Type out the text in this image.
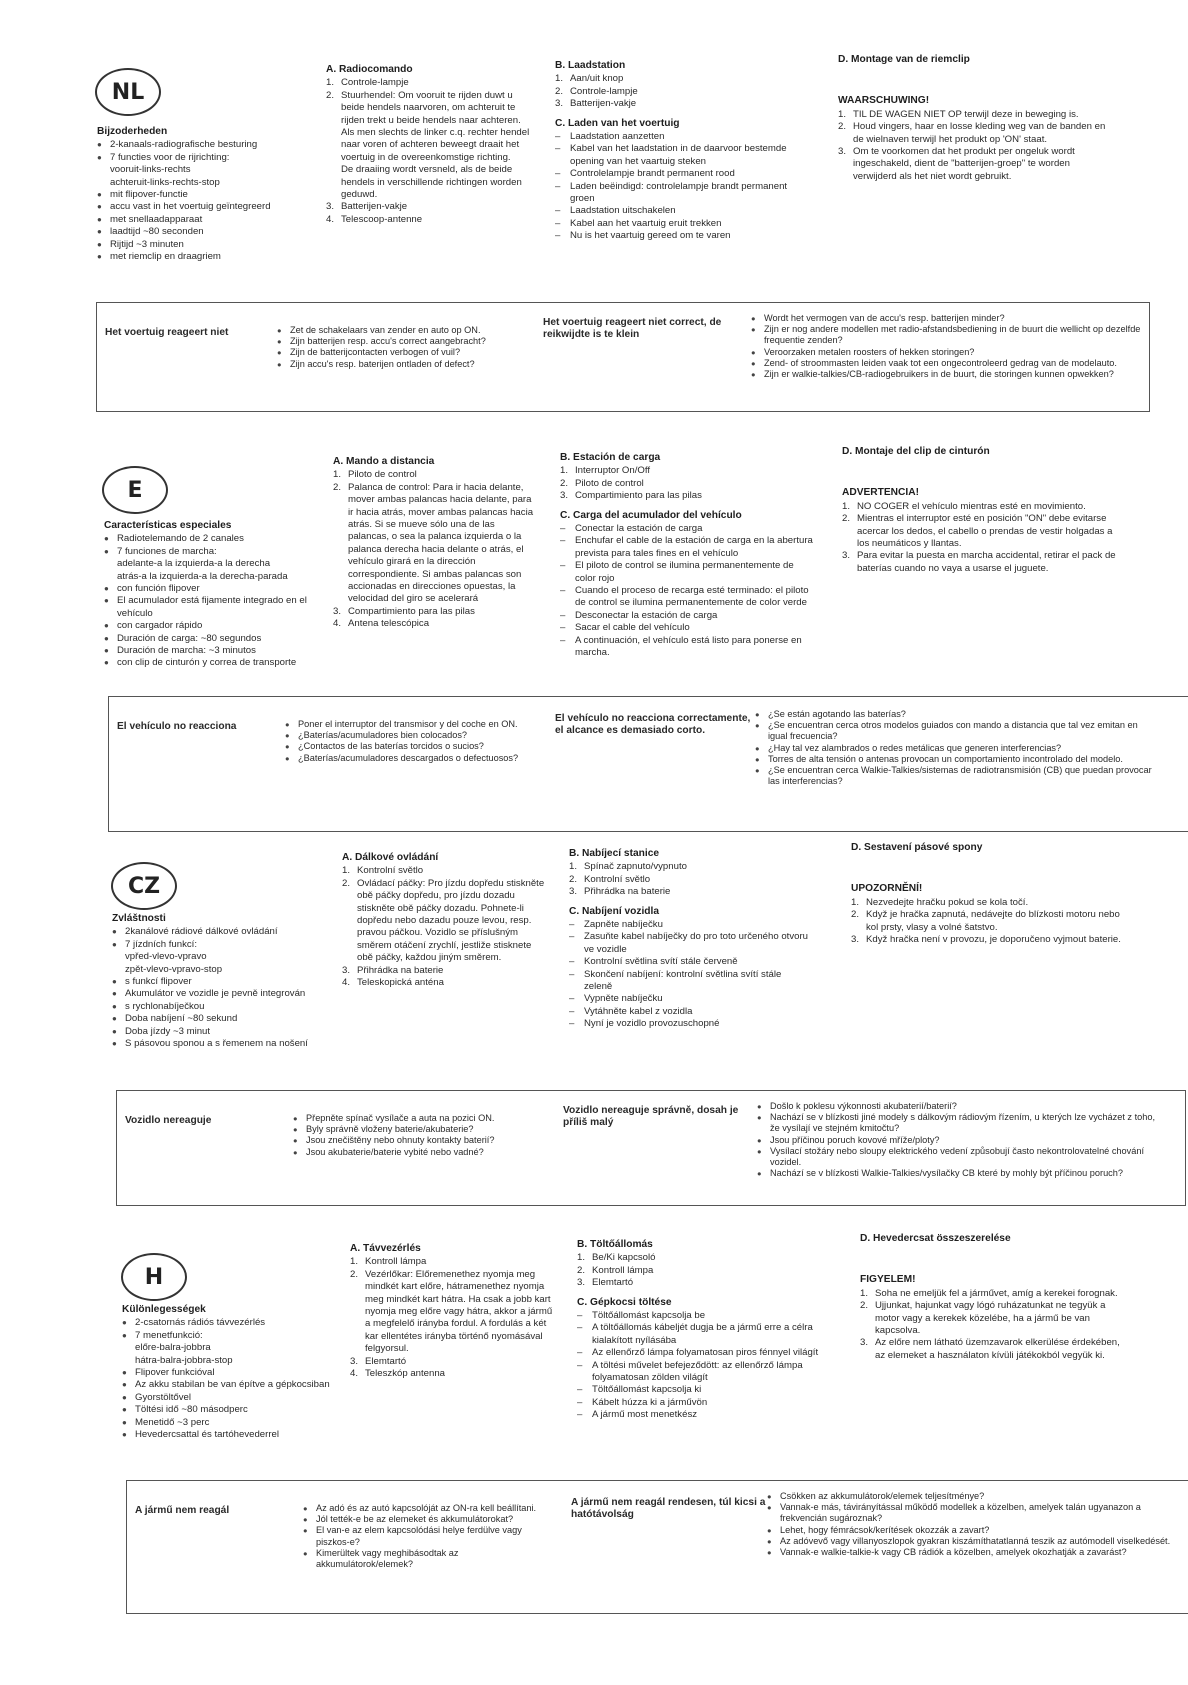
NL
Bijzoderheden
● 2-kanaals-radiografische besturing
● 7 functies voor de rijrichting:
vooruit-links-rechts
achteruit-links-rechts-stop
● mit flipover-functie
● accu vast in het voertuig geïntegreerd
● met snellaadapparaat
● laadtijd ~80 seconden
● Rijtijd ~3 minuten
● met riemclip en draagriem
A. Radiocomando
1. Controle-lampje
2. Stuurhendel: Om vooruit te rijden duwt u beide hendels naarvoren, om achteruit te rijden trekt u beide hendels naar achteren. Als men slechts de linker c.q. rechter hendel naar voren of achteren beweegt draait het voertuig in de overeenkomstige richting.
De draaiing wordt versneld, als de beide hendels in verschillende richtingen worden geduwd.
3. Batterijen-vakje
4. Telescoop-antenne
B. Laadstation
1. Aan/uit knop
2. Controle-lampje
3. Batterijen-vakje
C. Laden van het voertuig
– Laadstation aanzetten
– Kabel van het laadstation in de daarvoor bestemde opening van het vaartuig steken
– Controlelampje brandt permanent rood
– Laden beëindigd: controlelampje brandt permanent groen
– Laadstation uitschakelen
– Kabel aan het vaartuig eruit trekken
– Nu is het vaartuig gereed om te varen
D. Montage van de riemclip
WAARSCHUWING!
1. TIL DE WAGEN NIET OP terwijl deze in beweging is.
2. Houd vingers, haar en losse kleding weg van de banden en de wielnaven terwijl het produkt op 'ON' staat.
3. Om te voorkomen dat het produkt per ongeluk wordt ingeschakeld, dient de "batterijen-groep" te worden verwijderd als het niet wordt gebruikt.
Het voertuig reageert niet	● Zet de schakelaars van zender en auto op ON.
● Zijn batterijen resp. accu's correct aangebracht?
● Zijn de batterijcontacten verbogen of vuil?
● Zijn accu's resp. baterijen ontladen of defect?
Het voertuig reageert niet correct, de reikwijdte is te klein
● Wordt het vermogen van de accu's resp. batterijen minder?
● Zijn er nog andere modellen met radio-afstandsbediening in de buurt die wellicht op dezelfde frequentie zenden?
● Veroorzaken metalen roosters of hekken storingen?
● Zend- of stroommasten leiden vaak tot een ongecontroleerd gedrag van de modelauto.
● Zijn er walkie-talkies/CB-radiogebruikers in de buurt, die storingen kunnen opwekken?
E
Características especiales
● Radiotelemando de 2 canales
● 7 funciones de marcha:
adelante-a la izquierda-a la derecha
atrás-a la izquierda-a la derecha-parada
● con función flipover
● El acumulador está fijamente integrado en el vehículo
● con cargador rápido
● Duración de carga: ~80 segundos
● Duración de marcha: ~3 minutos
● con clip de cinturón y correa de transporte
A. Mando a distancia
1. Piloto de control
2. Palanca de control: Para ir hacia delante, mover ambas palancas hacia delante, para ir hacia atrás, mover ambas palancas hacia atrás. Si se mueve sólo una de las palancas, o sea la palanca izquierda o la palanca derecha hacia delante o atrás, el vehículo girará en la dirección correspondiente. Si ambas palancas son accionadas en direcciones opuestas, la velocidad del giro se acelerará
3. Compartimiento para las pilas
4. Antena telescópica
B. Estación de carga
1. Interruptor On/Off
2. Piloto de control
3. Compartimiento para las pilas
C. Carga del acumulador del vehículo
– Conectar la estación de carga
– Enchufar el cable de la estación de carga en la abertura prevista para tales fines en el vehículo
– El piloto de control se ilumina permanentemente de color rojo
– Cuando el proceso de recarga esté terminado: el piloto de control se ilumina permanentemente de color verde
– Desconectar la estación de carga
– Sacar el cable del vehículo
– A continuación, el vehículo está listo para ponerse en marcha.
D. Montaje del clip de cinturón
ADVERTENCIA!
1. NO COGER el vehículo mientras esté en movimiento.
2. Mientras el interruptor esté en posición "ON" debe evitarse acercar los dedos, el cabello o prendas de vestir holgadas a los neumáticos y llantas.
3. Para evitar la puesta en marcha accidental, retirar el pack de baterías cuando no vaya a usarse el juguete.
El vehículo no reacciona	● Poner el interruptor del transmisor y del coche en ON.
● ¿Baterías/acumuladores bien colocados?
● ¿Contactos de las baterías torcidos o sucios?
● ¿Baterías/acumuladores descargados o defectuosos?
El vehículo no reacciona correctamente, el alcance es demasiado corto.
● ¿Se están agotando las baterías?
● ¿Se encuentran cerca otros modelos guiados con mando a distancia que tal vez emitan en igual frecuencia?
● ¿Hay tal vez alambrados o redes metálicas que generen interferencias?
● Torres de alta tensión o antenas provocan un comportamiento incontrolado del modelo.
● ¿Se encuentran cerca Walkie-Talkies/sistemas de radiotransmisión (CB) que puedan provocar las interferencias?
CZ
Zvláštnosti
● 2kanálové rádiové dálkové ovládání
● 7 jízdních funkcí:
vpřed-vlevo-vpravo
zpět-vlevo-vpravo-stop
● s funkcí flipover
● Akumulátor ve vozidle je pevně integrován
● s rychlonabíječkou
● Doba nabíjení ~80 sekund
● Doba jízdy ~3 minut
● S pásovou sponou a s řemenem na nošení
A. Dálkové ovládání
1. Kontrolní světlo
2. Ovládací páčky: Pro jízdu dopředu stiskněte obě páčky dopředu, pro jízdu dozadu stiskněte obě páčky dozadu. Pohnete-li dopředu nebo dazadu pouze levou, resp. pravou páčkou. Vozidlo se příslušným směrem otáčení zrychlí, jestliže stisknete obě páčky, každou jiným směrem.
3. Přihrádka na baterie
4. Teleskopická anténa
B. Nabíjecí stanice
1. Spínač zapnuto/vypnuto
2. Kontrolní světlo
3. Přihrádka na baterie
C. Nabíjení vozidla
– Zapněte nabíječku
– Zasuňte kabel nabíječky do pro toto určeného otvoru ve vozidle
– Kontrolní světlina svítí stále červeně
– Skončení nabíjení: kontrolní světlina svítí stále zeleně
– Vypněte nabíječku
– Vytáhněte kabel z vozidla
– Nyní je vozidlo provozuschopné
D. Sestavení pásové spony
UPOZORNĚNÍ!
1. Nezvedejte hračku pokud se kola točí.
2. Když je hračka zapnutá, nedávejte do blízkosti motoru nebo kol prsty, vlasy a volné šatstvo.
3. Když hračka není v provozu, je doporučeno vyjmout baterie.
Vozidlo nereaguje	● Přepněte spínač vysílače a auta na pozici ON.
● Byly správně vloženy baterie/akubaterie?
● Jsou znečištěny nebo ohnuty kontakty baterií?
● Jsou akubaterie/baterie vybité nebo vadné?
Vozidlo nereaguje správně, dosah je příliš malý
● Došlo k poklesu výkonnosti akubaterií/baterií?
● Nachází se v blízkosti jiné modely s dálkovým rádiovým řízením, u kterých lze vycházet z toho, že vysílají ve stejném kmitočtu?
● Jsou příčinou poruch kovové mříže/ploty?
● Vysílací stožáry nebo sloupy elektrického vedení způsobují často nekontrolovatelné chování vozidel.
● Nachází se v blízkosti Walkie-Talkies/vysílačky CB které by mohly být příčinou poruch?
H
Különlegességek
● 2-csatornás rádiós távvezérlés
● 7 menetfunkció:
előre-balra-jobbra
hátra-balra-jobbra-stop
● Flipover funkcióval
● Az akku stabilan be van építve a gépkocsiban
● Gyorstöltővel
● Töltési idő ~80 másodperc
● Menetidő ~3 perc
● Hevedercsattal és tartóhevederrel
A. Távvezérlés
1. Kontroll lámpa
2. Vezérlőkar: Előremenethez nyomja meg mindkét kart előre, hátramenethez nyomja meg mindkét kart hátra. Ha csak a jobb kart nyomja meg előre vagy hátra, akkor a jármű a megfelelő irányba fordul. A fordulás a két kar ellentétes irányba történő nyomásával felgyorsul.
3. Elemtartó
4. Teleszkóp antenna
B. Töltőállomás
1. Be/Ki kapcsoló
2. Kontroll lámpa
3. Elemtartó
C. Gépkocsi töltése
– Töltőállomást kapcsolja be
– A töltőállomás kábeljét dugja be a jármű erre a célra kialakított nyílásába
– Az ellenőrző lámpa folyamatosan piros fénnyel világít
– A töltési művelet befejeződött: az ellenőrző lámpa folyamatosan zölden világít
– Töltőállomást kapcsolja ki
– Kábelt húzza ki a járművön
– A jármű most menetkész
D. Hevedercsat összeszerelése
FIGYELEM!
1. Soha ne emeljük fel a járművet, amíg a kerekei forognak.
2. Ujjunkat, hajunkat vagy lógó ruházatunkat ne tegyük a motor vagy a kerekek közelébe, ha a jármű be van kapcsolva.
3. Az előre nem látható üzemzavarok elkerülése érdekében, az elemeket a használaton kívüli játékokból vegyük ki.
A jármű nem reagál	● Az adó és az autó kapcsolóját az ON-ra kell beállítani.
● Jól tették-e be az elemeket és akkumulátorokat?
● El van-e az elem kapcsolódási helye ferdülve vagy piszkos-e?
● Kimerültek vagy meghibásodtak az akkumulátorok/elemek?
A jármű nem reagál rendesen, túl kicsi a hatótávolság
● Csökken az akkumulátorok/elemek teljesítménye?
● Vannak-e más, távirányítással működő modellek a közelben, amelyek talán ugyanazon a frekvencián sugároznak?
● Lehet, hogy fémrácsok/kerítések okozzák a zavart?
● Az adóvevő vagy villanyoszlopok gyakran kiszámíthatatlanná teszik az autómodell viselkedését.
● Vannak-e walkie-talkie-k vagy CB rádiók a közelben, amelyek okozhatják a zavarást?
